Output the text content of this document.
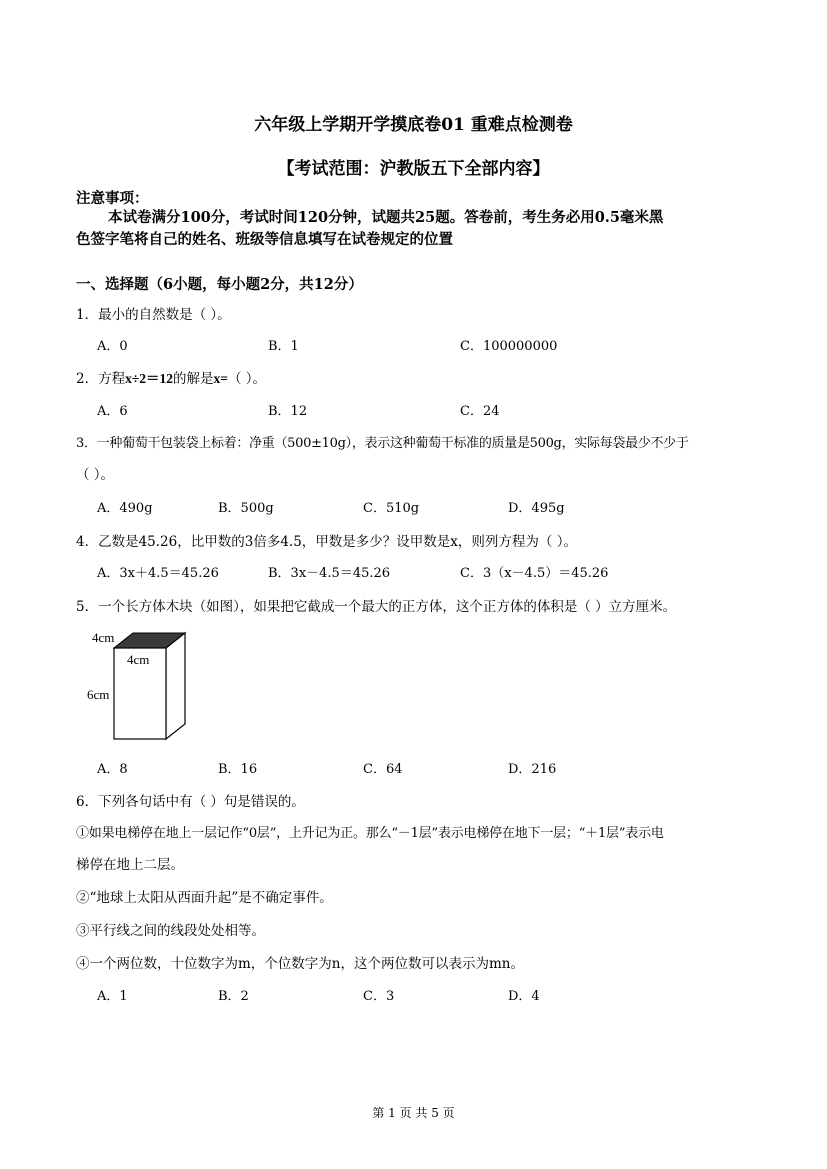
六年级上学期开学摸底卷01 重难点检测卷
【考试范围：沪教版五下全部内容】
注意事项：
本试卷满分100分，考试时间120分钟，试题共25题。答卷前，考生务必用0.5毫米黑
色签字笔将自己的姓名、班级等信息填写在试卷规定的位置
一、选择题（6小题，每小题2分，共12分）
1．最小的自然数是（ ）。
A．0	B．1	C．100000000
2．方程x÷2＝12的解是x=（ ）。
A．6	B．12	C．24
3．一种葡萄干包装袋上标着：净重（500±10g），表示这种葡萄干标准的质量是500g，实际每袋最少不少于
（ ）。
A．490g	B．500g	C．510g	D．495g
4．乙数是45.26，比甲数的3倍多4.5，甲数是多少？设甲数是x，则列方程为（ ）。
A．3x＋4.5＝45.26	B．3x－4.5＝45.26	C．3（x－4.5）＝45.26
5．一个长方体木块（如图），如果把它截成一个最大的正方体，这个正方体的体积是（ ）立方厘米。
4cm
4cm
6cm
A．8	B．16	C．64	D．216
6．下列各句话中有（ ）句是错误的。
①如果电梯停在地上一层记作“0层”，上升记为正。那么“－1层”表示电梯停在地下一层；“＋1层”表示电
梯停在地上二层。
②“地球上太阳从西面升起”是不确定事件。
③平行线之间的线段处处相等。
④一个两位数，十位数字为m，个位数字为n，这个两位数可以表示为mn。
A．1	B．2	C．3	D．4
第 1 页 共 5 页
